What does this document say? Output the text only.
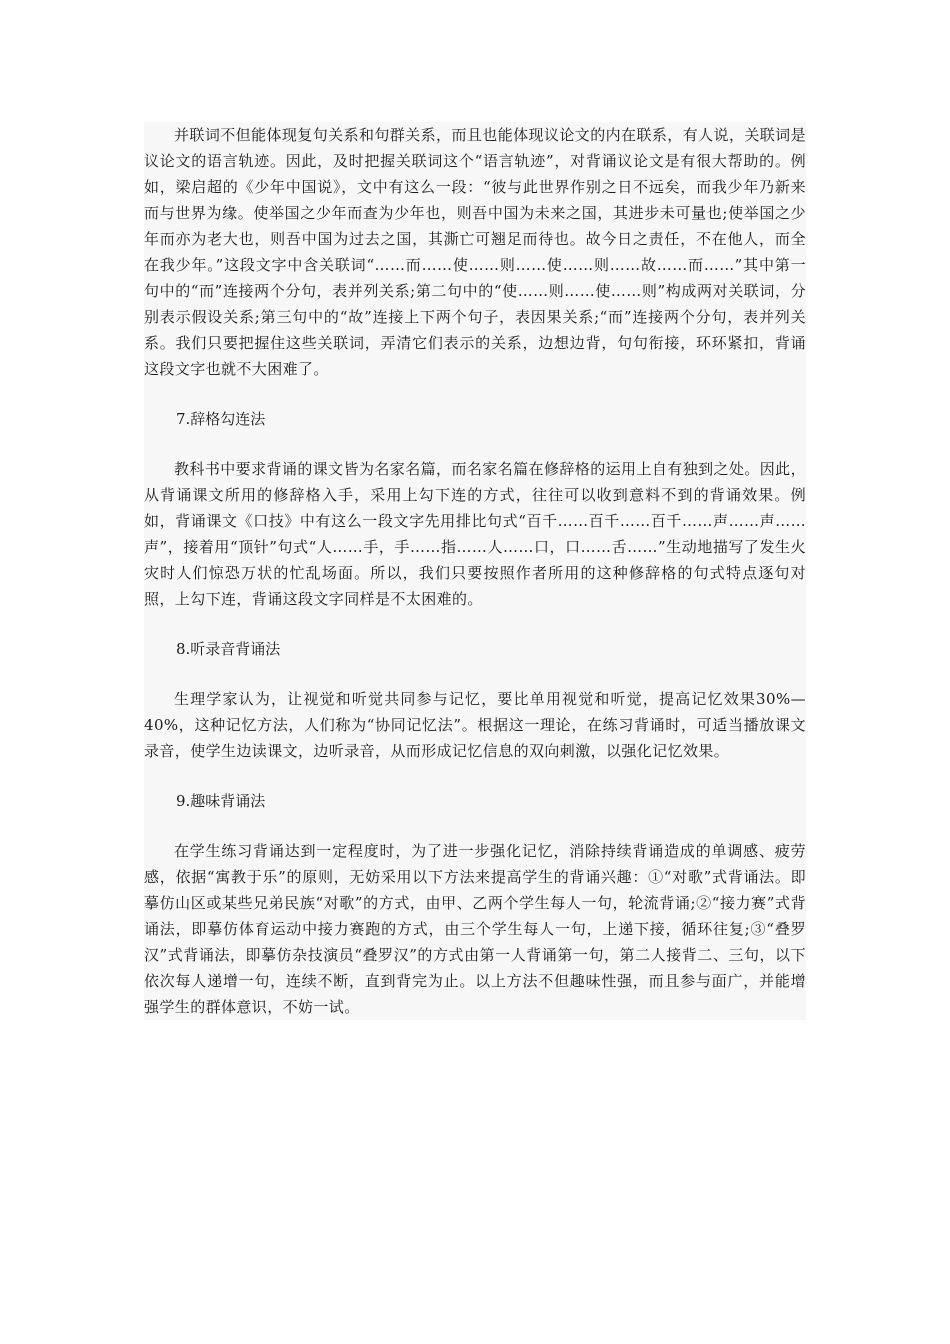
并联词不但能体现复句关系和句群关系，而且也能体现议论文的内在联系，有人说，关联词是议论文的语言轨迹。因此，及时把握关联词这个“语言轨迹”，对背诵议论文是有很大帮助的。例如，梁启超的《少年中国说》，文中有这么一段：“彼与此世界作别之日不远矣，而我少年乃新来而与世界为缘。使举国之少年而查为少年也，则吾中国为未来之国，其进步未可量也;使举国之少年而亦为老大也，则吾中国为过去之国，其澌亡可翘足而待也。故今日之责任，不在他人，而全在我少年。”这段文字中含关联词“……而……使……则……使……则……故……而……”其中第一句中的“而”连接两个分句，表并列关系;第二句中的“使……则……使……则”构成两对关联词，分别表示假设关系;第三句中的“故”连接上下两个句子，表因果关系;“而”连接两个分句，表并列关系。我们只要把握住这些关联词，弄清它们表示的关系，边想边背，句句衔接，环环紧扣，背诵这段文字也就不大困难了。

7.辞格勾连法

教科书中要求背诵的课文皆为名家名篇，而名家名篇在修辞格的运用上自有独到之处。因此，从背诵课文所用的修辞格入手，采用上勾下连的方式，往往可以收到意料不到的背诵效果。例如，背诵课文《口技》中有这么一段文字先用排比句式“百千……百千……百千……声……声……声”，接着用“顶针”句式“人……手，手……指……人……口，口……舌……”生动地描写了发生火灾时人们惊恐万状的忙乱场面。所以，我们只要按照作者所用的这种修辞格的句式特点逐句对照，上勾下连，背诵这段文字同样是不太困难的。

8.听录音背诵法

生理学家认为，让视觉和听觉共同参与记忆，要比单用视觉和听觉，提高记忆效果30%—40%，这种记忆方法，人们称为“协同记忆法”。根据这一理论，在练习背诵时，可适当播放课文录音，使学生边读课文，边听录音，从而形成记忆信息的双向刺激，以强化记忆效果。

9.趣味背诵法

在学生练习背诵达到一定程度时，为了进一步强化记忆，消除持续背诵造成的单调感、疲劳感，依据“寓教于乐”的原则，无妨采用以下方法来提高学生的背诵兴趣：①“对歌”式背诵法。即摹仿山区或某些兄弟民族“对歌”的方式，由甲、乙两个学生每人一句，轮流背诵;②“接力赛”式背诵法，即摹仿体育运动中接力赛跑的方式，由三个学生每人一句，上递下接，循环往复;③“叠罗汉”式背诵法，即摹仿杂技演员“叠罗汉”的方式由第一人背诵第一句，第二人接背二、三句，以下依次每人递增一句，连续不断，直到背完为止。以上方法不但趣味性强，而且参与面广，并能增强学生的群体意识，不妨一试。
